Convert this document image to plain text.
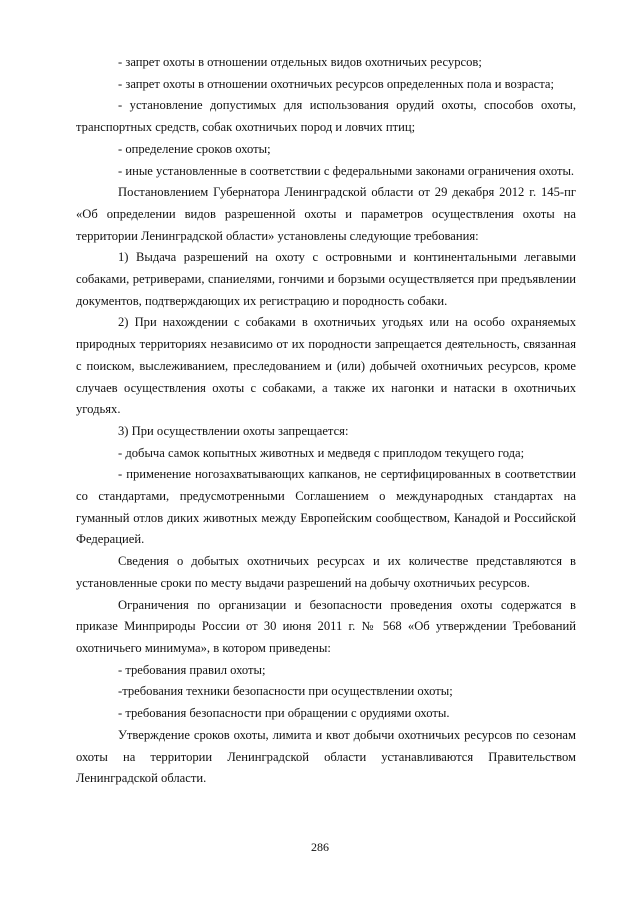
- запрет охоты в отношении отдельных видов охотничьих ресурсов;

- запрет охоты в отношении охотничьих ресурсов определенных пола и возраста;

- установление допустимых для использования орудий охоты, способов охоты, транспортных средств, собак охотничьих пород и ловчих птиц;

- определение сроков охоты;

- иные установленные в соответствии с федеральными законами ограничения охоты.

Постановлением Губернатора Ленинградской области от 29 декабря 2012 г. 145-пг «Об определении видов разрешенной охоты и параметров осуществления охоты на территории Ленинградской области» установлены следующие требования:

1) Выдача разрешений на охоту с островными и континентальными легавыми собаками, ретриверами, спаниелями, гончими и борзыми осуществляется при предъявлении документов, подтверждающих их регистрацию и породность собаки.

2) При нахождении с собаками в охотничьих угодьях или на особо охраняемых природных территориях независимо от их породности запрещается деятельность, связанная с поиском, выслеживанием, преследованием и (или) добычей охотничьих ресурсов, кроме случаев осуществления охоты с собаками, а также их нагонки и натаски в охотничьих угодьях.

3) При осуществлении охоты запрещается:

- добыча самок копытных животных и медведя с приплодом текущего года;

- применение ногозахватывающих капканов, не сертифицированных в соответствии со стандартами, предусмотренными Соглашением о международных стандартах на гуманный отлов диких животных между Европейским сообществом, Канадой и Российской Федерацией.

Сведения о добытых охотничьих ресурсах и их количестве представляются в установленные сроки по месту выдачи разрешений на добычу охотничьих ресурсов.

Ограничения по организации и безопасности проведения охоты содержатся в приказе Минприроды России от 30 июня 2011 г. № 568 «Об утверждении Требований охотничьего минимума», в котором приведены:

- требования правил охоты;

-требования техники безопасности при осуществлении охоты;

- требования безопасности при обращении с орудиями охоты.

Утверждение сроков охоты, лимита и квот добычи охотничьих ресурсов по сезонам охоты на территории Ленинградской области устанавливаются Правительством Ленинградской области.

286
